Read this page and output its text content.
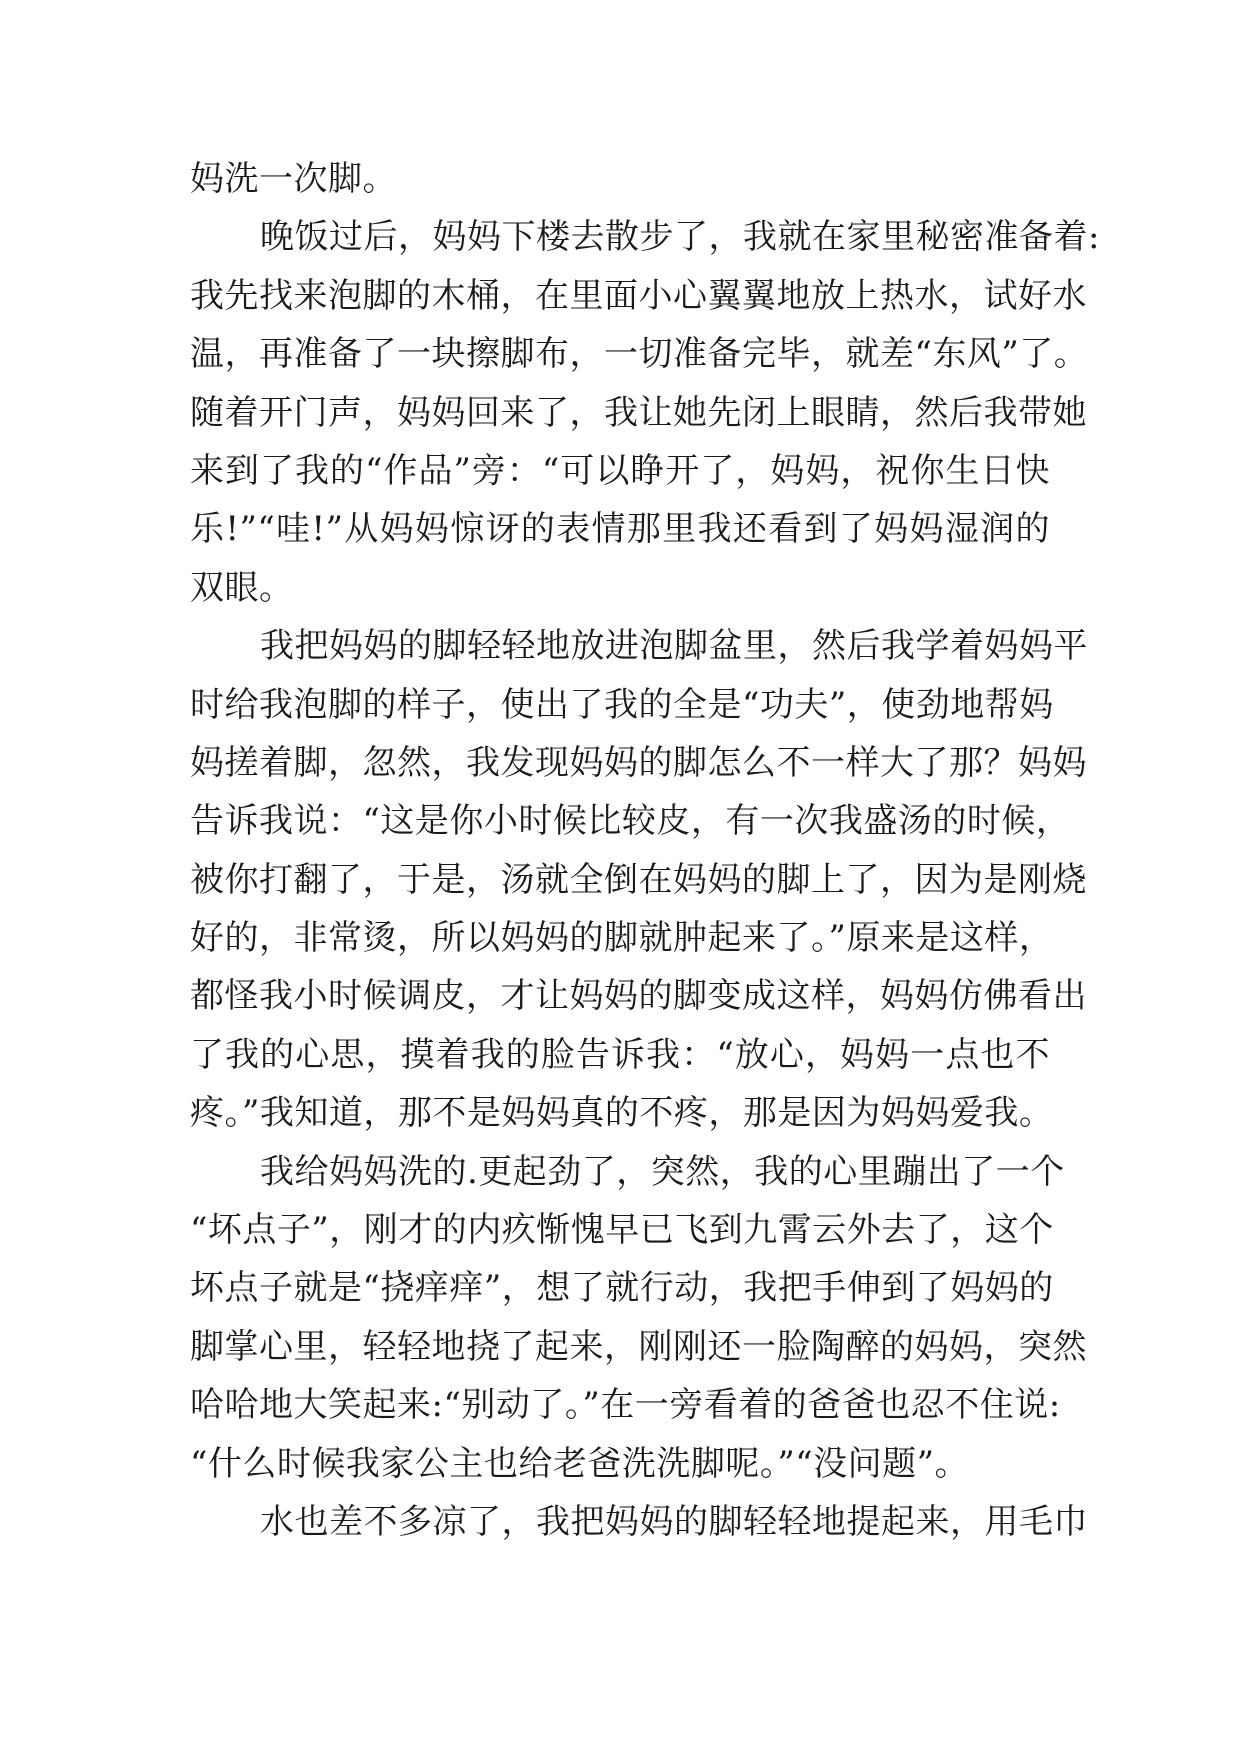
妈洗一次脚。
晚饭过后，妈妈下楼去散步了，我就在家里秘密准备着:
我先找来泡脚的木桶，在里面小心翼翼地放上热水，试好水
温，再准备了一块擦脚布，一切准备完毕，就差“东风”了。
随着开门声，妈妈回来了，我让她先闭上眼睛，然后我带她
来到了我的“作品”旁：“可以睁开了，妈妈，祝你生日快
乐!”“哇!”从妈妈惊讶的表情那里我还看到了妈妈湿润的
双眼。
我把妈妈的脚轻轻地放进泡脚盆里，然后我学着妈妈平
时给我泡脚的样子，使出了我的全是“功夫”，使劲地帮妈
妈搓着脚，忽然，我发现妈妈的脚怎么不一样大了那？妈妈
告诉我说：“这是你小时候比较皮，有一次我盛汤的时候，
被你打翻了，于是，汤就全倒在妈妈的脚上了，因为是刚烧
好的，非常烫，所以妈妈的脚就肿起来了。”原来是这样，
都怪我小时候调皮，才让妈妈的脚变成这样，妈妈仿佛看出
了我的心思，摸着我的脸告诉我：“放心，妈妈一点也不
疼。”我知道，那不是妈妈真的不疼，那是因为妈妈爱我。
我给妈妈洗的.更起劲了，突然，我的心里蹦出了一个
“坏点子”，刚才的内疚惭愧早已飞到九霄云外去了，这个
坏点子就是“挠痒痒”，想了就行动，我把手伸到了妈妈的
脚掌心里，轻轻地挠了起来，刚刚还一脸陶醉的妈妈，突然
哈哈地大笑起来:“别动了。”在一旁看着的爸爸也忍不住说:
“什么时候我家公主也给老爸洗洗脚呢。”“没问题”。
水也差不多凉了，我把妈妈的脚轻轻地提起来，用毛巾
